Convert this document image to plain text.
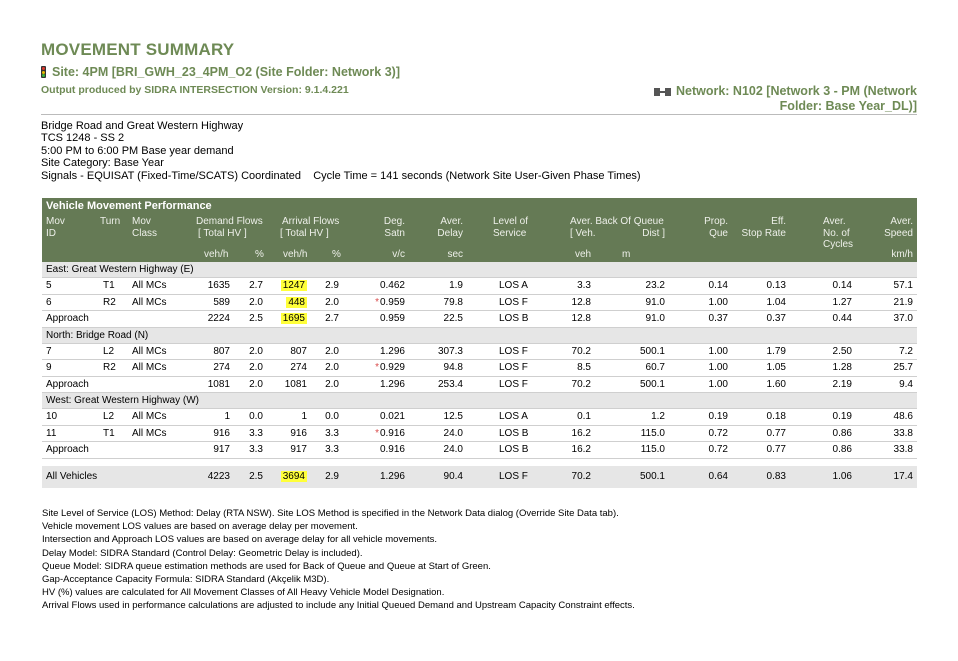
MOVEMENT SUMMARY
Site: 4PM [BRI_GWH_23_4PM_O2 (Site Folder: Network 3)]
Output produced by SIDRA INTERSECTION Version: 9.1.4.221	Network: N102 [Network 3 - PM (Network
Folder: Base Year_DL)]
Bridge Road and Great Western Highway
TCS 1248 - SS 2
5:00 PM to 6:00 PM Base year demand
Site Category: Base Year
Signals - EQUISAT (Fixed-Time/SCATS) Coordinated    Cycle Time = 141 seconds (Network Site User-Given Phase Times)
Vehicle Movement Performance
Mov
ID
Turn Mov
Class
Demand Flows
[ Total HV ]
Arrival Flows
[ Total HV ]
Deg.
Satn
Aver.
Delay
Level of
Service
Aver. Back Of Queue
[ Veh.	Dist ]
Prop.
Que
Eff.
Stop Rate
Aver.
No. of
Cycles
Aver.
Speed
veh/h	% veh/h %	v/c	sec	veh	m	km/h
East: Great Western Highway (E)
5	T1 All MCs	1635 2.7 1247 2.9	0.462	1.9	LOS A	3.3	23.2	0.14	0.13	0.14	57.1
6	R2 All MCs	589 2.0	448 2.0	*0.959	79.8	LOS F	12.8	91.0	1.00	1.04	1.27	21.9
Approach	2224 2.5 1695 2.7	0.959	22.5	LOS B	12.8	91.0	0.37	0.37	0.44	37.0
North: Bridge Road (N)
7	L2 All MCs	807 2.0	807 2.0	1.296	307.3	LOS F	70.2	500.1	1.00	1.79	2.50	7.2
9	R2 All MCs	274 2.0	274 2.0	*0.929	94.8	LOS F	8.5	60.7	1.00	1.05	1.28	25.7
Approach	1081 2.0 1081 2.0	1.296	253.4	LOS F	70.2	500.1	1.00	1.60	2.19	9.4
West: Great Western Highway (W)
10	L2 All MCs	1 0.0	1 0.0	0.021	12.5	LOS A	0.1	1.2	0.19	0.18	0.19	48.6
11	T1 All MCs	916 3.3	916 3.3	*0.916	24.0	LOS B	16.2	115.0	0.72	0.77	0.86	33.8
Approach	917 3.3	917 3.3	0.916	24.0	LOS B	16.2	115.0	0.72	0.77	0.86	33.8
All Vehicles	4223 2.5 3694 2.9	1.296	90.4	LOS F	70.2	500.1	0.64	0.83	1.06	17.4
Site Level of Service (LOS) Method: Delay (RTA NSW). Site LOS Method is specified in the Network Data dialog (Override Site Data tab).
Vehicle movement LOS values are based on average delay per movement.
Intersection and Approach LOS values are based on average delay for all vehicle movements.
Delay Model: SIDRA Standard (Control Delay: Geometric Delay is included).
Queue Model: SIDRA queue estimation methods are used for Back of Queue and Queue at Start of Green.
Gap-Acceptance Capacity Formula: SIDRA Standard (Akçelik M3D).
HV (%) values are calculated for All Movement Classes of All Heavy Vehicle Model Designation.
Arrival Flows used in performance calculations are adjusted to include any Initial Queued Demand and Upstream Capacity Constraint effects.
